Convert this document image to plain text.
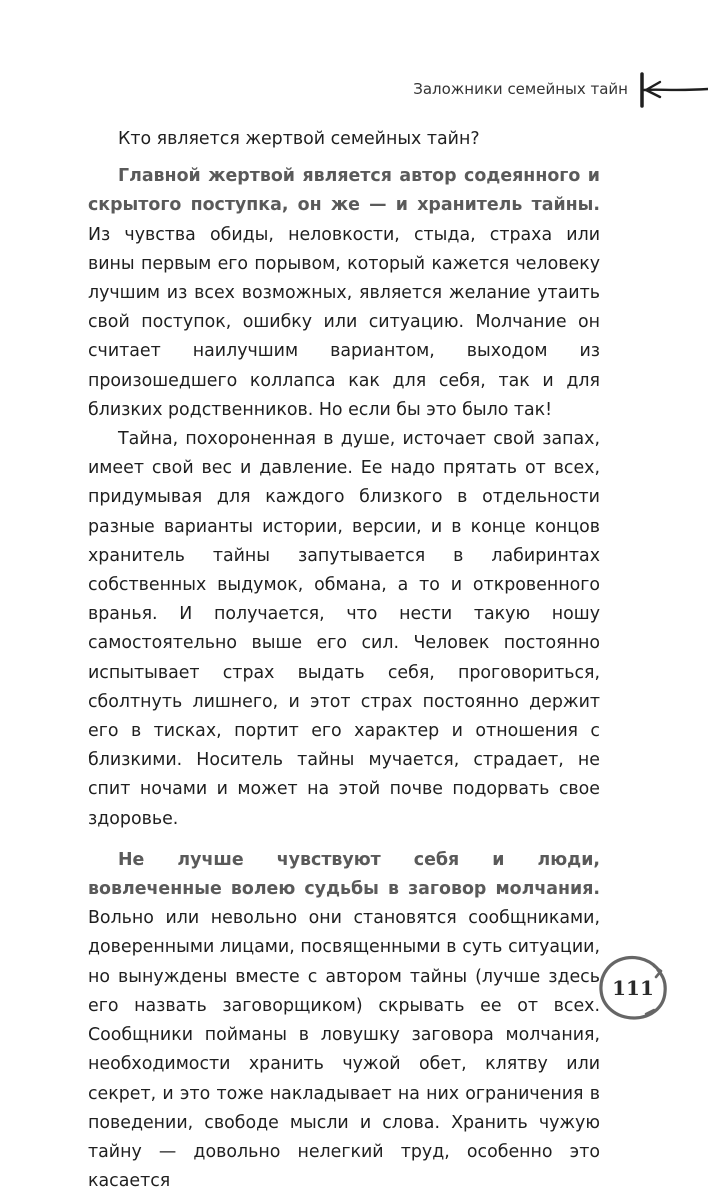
Заложники семейных тайн

Кто является жертвой семейных тайн?

Главной жертвой является автор содеянного и скрытого поступка, он же — и хранитель тайны. Из чувства обиды, неловкости, стыда, страха или вины первым его порывом, который кажется человеку лучшим из всех возможных, является желание утаить свой поступок, ошибку или ситуацию. Молчание он считает наилучшим вариантом, выходом из произошедшего коллапса как для себя, так и для близких родственников. Но если бы это было так!

Тайна, похороненная в душе, источает свой запах, имеет свой вес и давление. Ее надо прятать от всех, придумывая для каждого близкого в отдельности разные варианты истории, версии, и в конце концов хранитель тайны запутывается в лабиринтах собственных выдумок, обмана, а то и откровенного вранья. И получается, что нести такую ношу самостоятельно выше его сил. Человек постоянно испытывает страх выдать себя, проговориться, сболтнуть лишнего, и этот страх постоянно держит его в тисках, портит его характер и отношения с близкими. Носитель тайны мучается, страдает, не спит ночами и может на этой почве подорвать свое здоровье.

Не лучше чувствуют себя и люди, вовлеченные волею судьбы в заговор молчания. Вольно или невольно они становятся сообщниками, доверенными лицами, посвященными в суть ситуации, но вынуждены вместе с автором тайны (лучше здесь его назвать заговорщиком) скрывать ее от всех. Сообщники пойманы в ловушку заговора молчания, необходимости хранить чужой обет, клятву или секрет, и это тоже накладывает на них ограничения в поведении, свободе мысли и слова. Хранить чужую тайну — довольно нелегкий труд, особенно это касается

111
